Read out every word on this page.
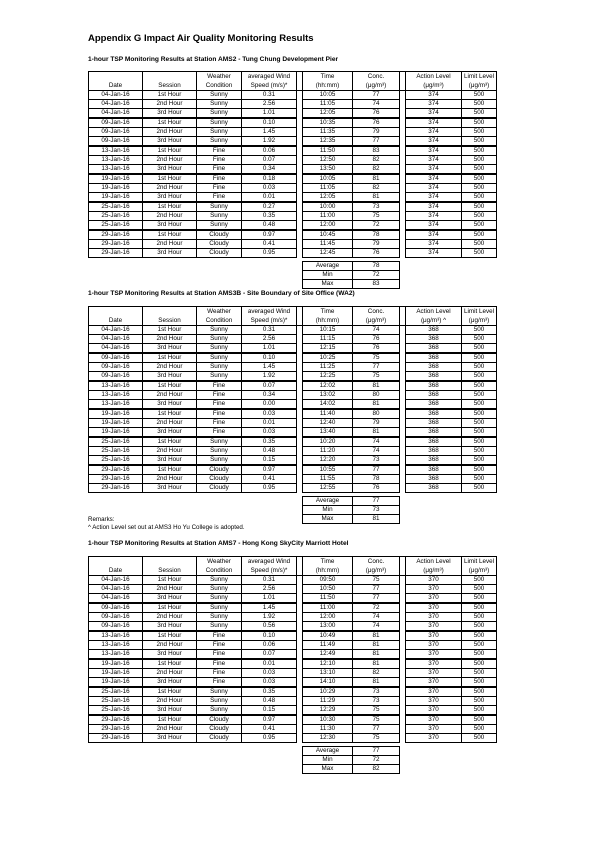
Appendix G Impact Air Quality Monitoring Results
1-hour TSP Monitoring Results at Station AMS2 - Tung Chung Development Pier
		Weather	averaged Wind		Time	Conc.		Action Level	Limit Level
Date	Session	Condition	Speed (m/s)*		(hh:mm)	(μg/m³)		(μg/m³)	(μg/m³)
04-Jan-16	1st Hour	Sunny	0.31		10:05	77		374	500
04-Jan-16	2nd Hour	Sunny	2.56		11:05	74		374	500
04-Jan-16	3rd Hour	Sunny	1.01		12:05	76		374	500
09-Jan-16	1st Hour	Sunny	0.10		10:35	76		374	500
09-Jan-16	2nd Hour	Sunny	1.45		11:35	79		374	500
09-Jan-16	3rd Hour	Sunny	1.92		12:35	77		374	500
13-Jan-16	1st Hour	Fine	0.06		11:50	83		374	500
13-Jan-16	2nd Hour	Fine	0.07		12:50	82		374	500
13-Jan-16	3rd Hour	Fine	0.34		13:50	82		374	500
19-Jan-16	1st Hour	Fine	0.18		10:05	81		374	500
19-Jan-16	2nd Hour	Fine	0.03		11:05	82		374	500
19-Jan-16	3rd Hour	Fine	0.01		12:05	81		374	500
25-Jan-16	1st Hour	Sunny	0.27		10:00	73		374	500
25-Jan-16	2nd Hour	Sunny	0.35		11:00	75		374	500
25-Jan-16	3rd Hour	Sunny	0.48		12:00	72		374	500
29-Jan-16	1st Hour	Cloudy	0.97		10:45	78		374	500
29-Jan-16	2nd Hour	Cloudy	0.41		11:45	79		374	500
29-Jan-16	3rd Hour	Cloudy	0.95		12:45	76		374	500

					Average	78			
					Min	72			
					Max	83			
1-hour TSP Monitoring Results at Station AMS3B - Site Boundary of Site Office (WA2)
		Weather	averaged Wind		Time	Conc.		Action Level	Limit Level
Date	Session	Condition	Speed (m/s)*		(hh:mm)	(μg/m³)		(μg/m³) ^	(μg/m³)
04-Jan-16	1st Hour	Sunny	0.31		10:15	74		368	500
04-Jan-16	2nd Hour	Sunny	2.56		11:15	76		368	500
04-Jan-16	3rd Hour	Sunny	1.01		12:15	76		368	500
09-Jan-16	1st Hour	Sunny	0.10		10:25	75		368	500
09-Jan-16	2nd Hour	Sunny	1.45		11:25	77		368	500
09-Jan-16	3rd Hour	Sunny	1.92		12:25	75		368	500
13-Jan-16	1st Hour	Fine	0.07		12:02	81		368	500
13-Jan-16	2nd Hour	Fine	0.34		13:02	80		368	500
13-Jan-16	3rd Hour	Fine	0.00		14:02	81		368	500
19-Jan-16	1st Hour	Fine	0.03		11:40	80		368	500
19-Jan-16	2nd Hour	Fine	0.01		12:40	79		368	500
19-Jan-16	3rd Hour	Fine	0.03		13:40	81		368	500
25-Jan-16	1st Hour	Sunny	0.35		10:20	74		368	500
25-Jan-16	2nd Hour	Sunny	0.48		11:20	74		368	500
25-Jan-16	3rd Hour	Sunny	0.15		12:20	73		368	500
29-Jan-16	1st Hour	Cloudy	0.97		10:55	77		368	500
29-Jan-16	2nd Hour	Cloudy	0.41		11:55	78		368	500
29-Jan-16	3rd Hour	Cloudy	0.95		12:55	76		368	500

					Average	77			
					Min	73			
					Max	81			
1-hour TSP Monitoring Results at Station AMS7 - Hong Kong SkyCity Marriott Hotel
		Weather	averaged Wind		Time	Conc.		Action Level	Limit Level
Date	Session	Condition	Speed (m/s)*		(hh:mm)	(μg/m³)		(μg/m³)	(μg/m³)
04-Jan-16	1st Hour	Sunny	0.31		09:50	75		370	500
04-Jan-16	2nd Hour	Sunny	2.56		10:50	77		370	500
04-Jan-16	3rd Hour	Sunny	1.01		11:50	77		370	500
09-Jan-16	1st Hour	Sunny	1.45		11:00	72		370	500
09-Jan-16	2nd Hour	Sunny	1.92		12:00	74		370	500
09-Jan-16	3rd Hour	Sunny	0.56		13:00	74		370	500
13-Jan-16	1st Hour	Fine	0.10		10:49	81		370	500
13-Jan-16	2nd Hour	Fine	0.06		11:49	81		370	500
13-Jan-16	3rd Hour	Fine	0.07		12:49	81		370	500
19-Jan-16	1st Hour	Fine	0.01		12:10	81		370	500
19-Jan-16	2nd Hour	Fine	0.03		13:10	82		370	500
19-Jan-16	3rd Hour	Fine	0.03		14:10	81		370	500
25-Jan-16	1st Hour	Sunny	0.35		10:29	73		370	500
25-Jan-16	2nd Hour	Sunny	0.48		11:29	73		370	500
25-Jan-16	3rd Hour	Sunny	0.15		12:29	75		370	500
29-Jan-16	1st Hour	Cloudy	0.97		10:30	75		370	500
29-Jan-16	2nd Hour	Cloudy	0.41		11:30	77		370	500
29-Jan-16	3rd Hour	Cloudy	0.95		12:30	75		370	500

					Average	77			
					Min	72			
					Max	82			
Remarks:
^ Action Level set out at AMS3 Ho Yu College is adopted.
